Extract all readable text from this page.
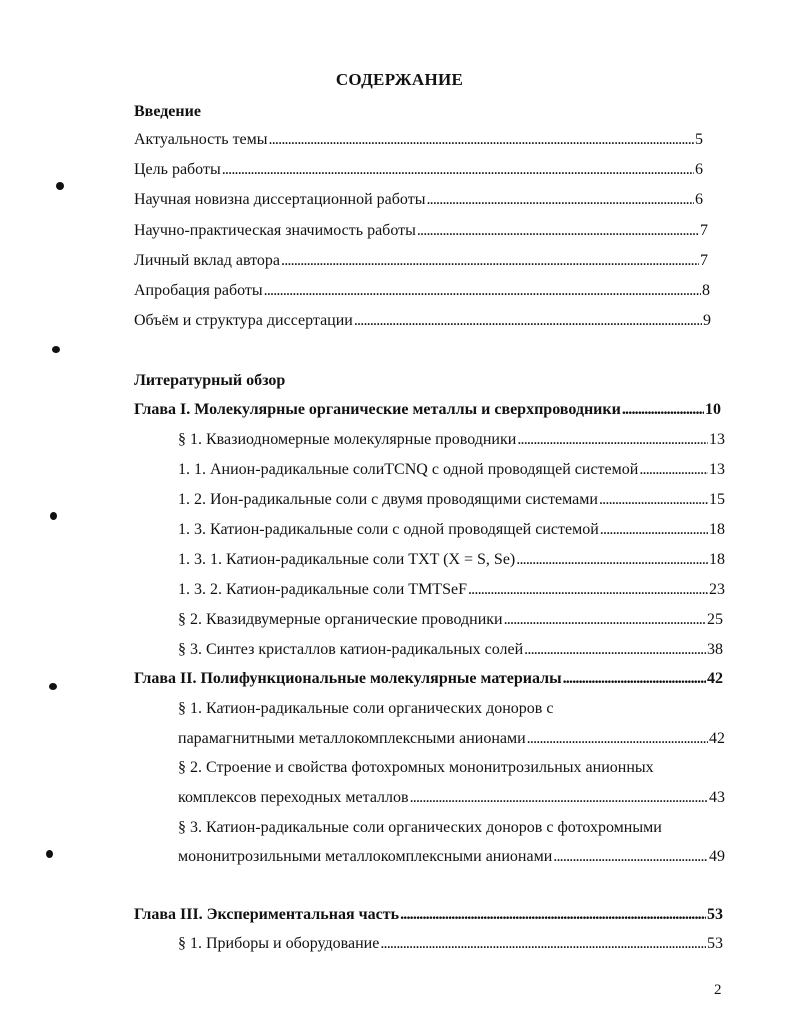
СОДЕРЖАНИЕ
Введение
Актуальность темы . . .	5
Цель работы . . .	6
Научная новизна диссертационной работы . . .	6
Научно-практическая значимость работы . . .	7
Личный вклад автора . . .	7
Апробация работы . . .	8
Объём и структура диссертации . . .	9
Литературный обзор
Глава I. Молекулярные органические металлы и сверхпроводники . . .	10
§ 1. Квазиодномерные молекулярные проводники . . .	13
1. 1. Анион-радикальные солиTCNQ с одной проводящей системой . . .	13
1. 2. Ион-радикальные соли с двумя проводящими системами . . .	15
1. 3. Катион-радикальные соли с одной проводящей системой . . .	18
1. 3. 1. Катион-радикальные соли TXT (X = S, Se) . . .	18
1. 3. 2. Катион-радикальные соли TMTSeF . . .	23
§ 2. Квазидвумерные органические проводники . . .	25
§ 3. Синтез кристаллов катион-радикальных солей . . .	38
Глава II. Полифункциональные молекулярные материалы . . .	42
§ 1. Катион-радикальные соли органических доноров с
парамагнитными металлокомплексными анионами . . .	42
§ 2. Строение и свойства фотохромных мононитрозильных анионных
комплексов переходных металлов . . .	43
§ 3. Катион-радикальные соли органических доноров с фотохромными
мононитрозильными металлокомплексными анионами . . .	49
Глава III. Экспериментальная часть . . .	53
§ 1. Приборы и оборудование . . .	53
2
